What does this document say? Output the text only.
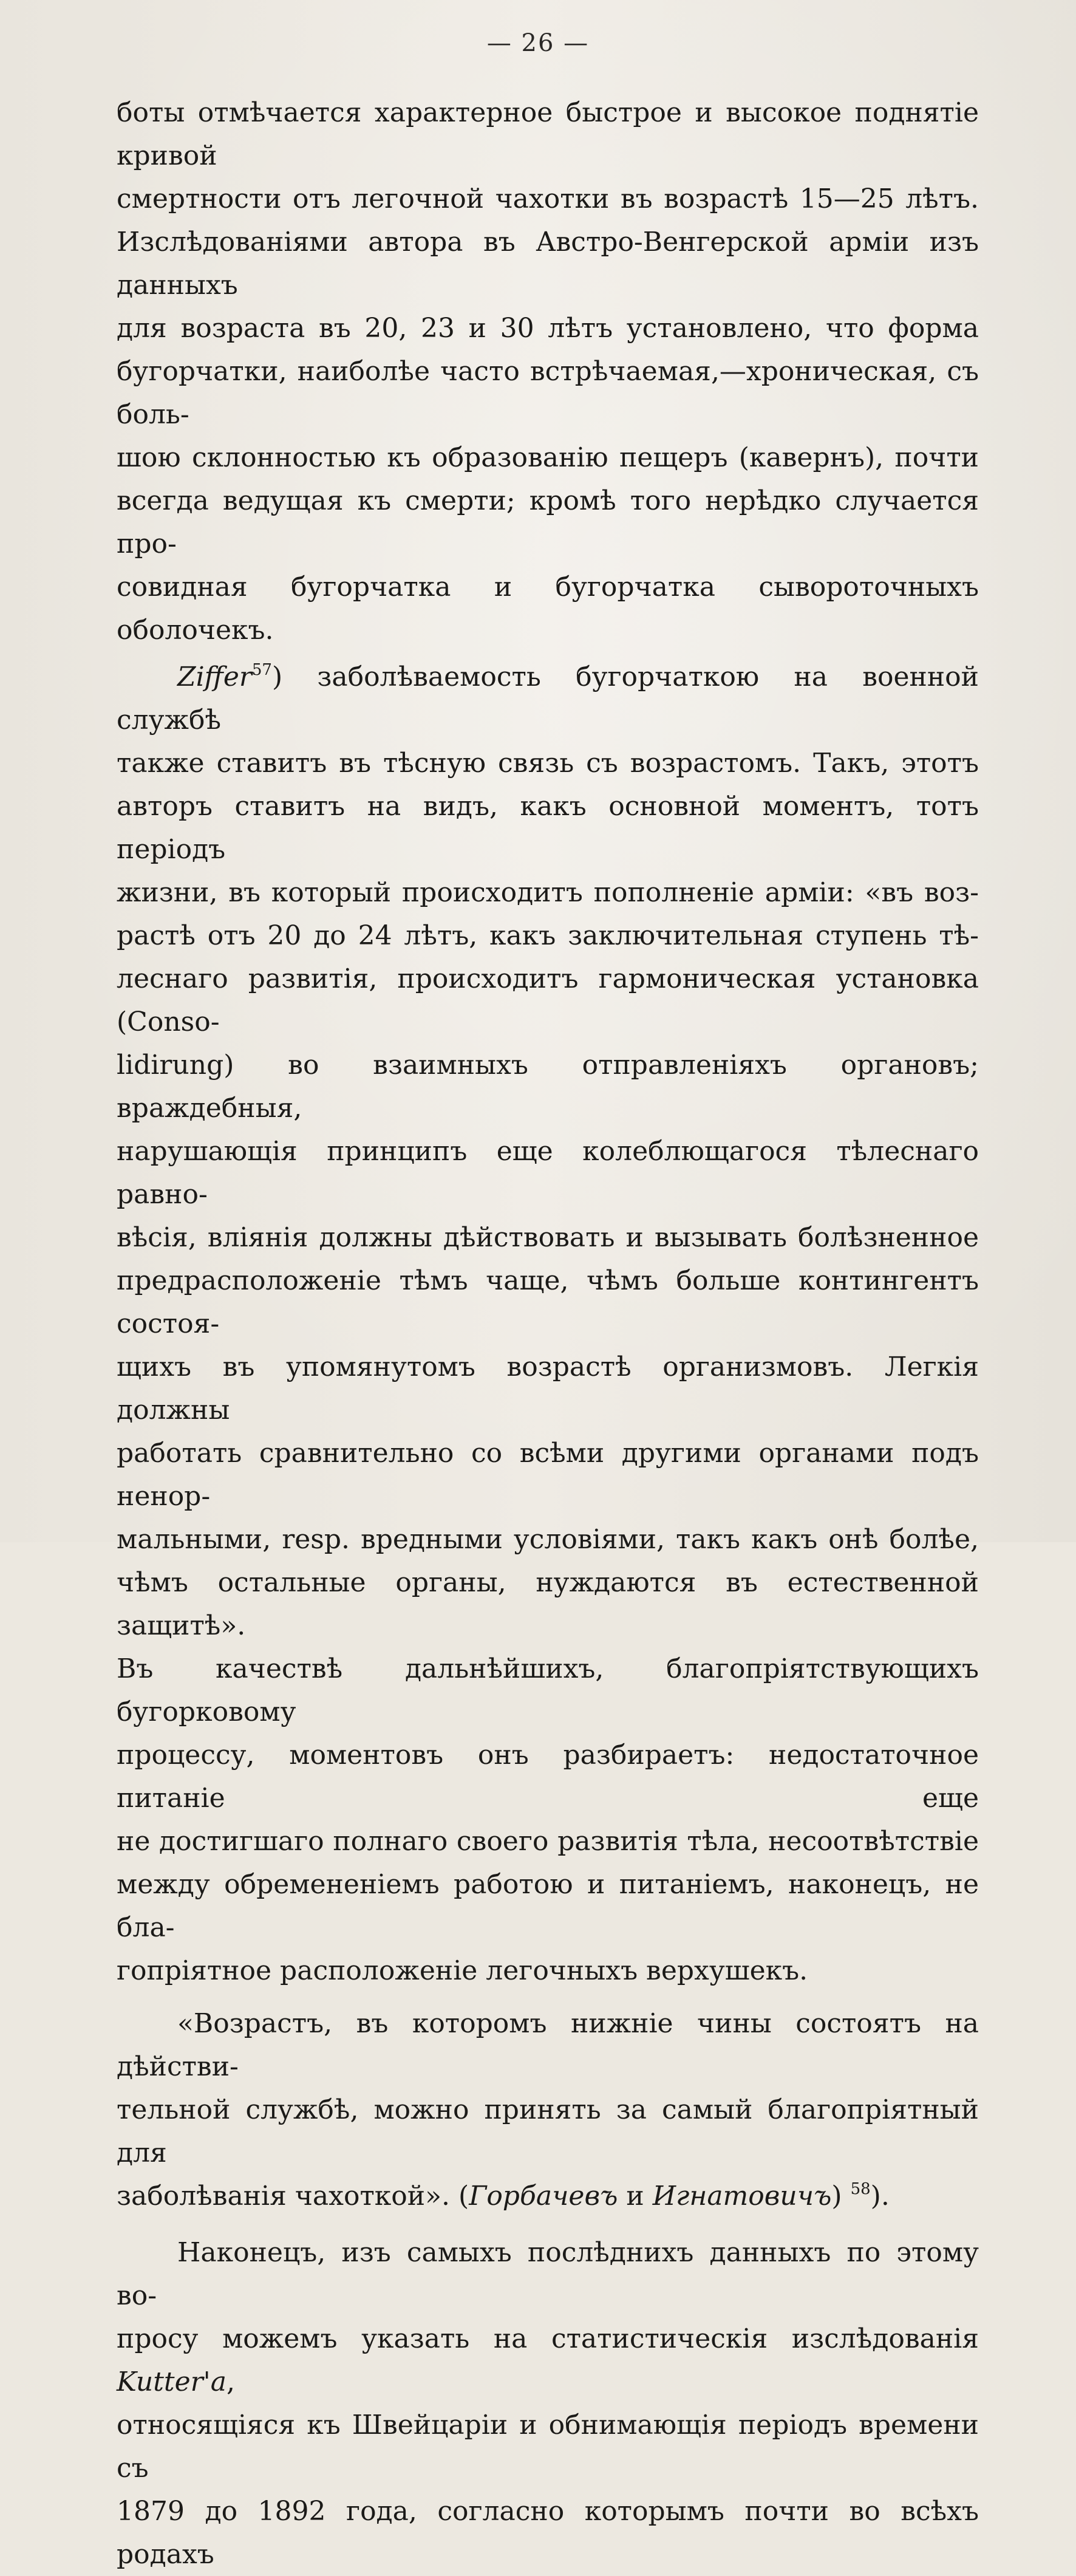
— 26 —

боты отмѣчается характерное быстрое и высокое поднятіе кривой

смертности отъ легочной чахотки въ возрастѣ 15—25 лѣтъ.

Изслѣдованіями автора въ Австро-Венгерской арміи изъ данныхъ

для возраста въ 20, 23 и 30 лѣтъ установлено, что форма

бугорчатки, наиболѣе часто встрѣчаемая,—хроническая, съ боль-

шою склонностью къ образованію пещеръ (кавернъ), почти

всегда ведущая къ смерти; кромѣ того нерѣдко случается про-

совидная бугорчатка и бугорчатка сывороточныхъ оболочекъ.

Ziffer$^{57}$) заболѣваемость бугорчаткою на военной службѣ

также ставитъ въ тѣсную связь съ возрастомъ. Такъ, этотъ

авторъ ставитъ на видъ, какъ основной моментъ, тотъ періодъ

жизни, въ который происходитъ пополненіе арміи: «въ воз-

растѣ отъ 20 до 24 лѣтъ, какъ заключительная ступень тѣ-

леснаго развитія, происходитъ гармоническая установка (Conso-

lidirung) во взаимныхъ отправленіяхъ органовъ; враждебныя,

нарушающія принципъ еще колеблющагося тѣлеснаго равно-

вѣсія, вліянія должны дѣйствовать и вызывать болѣзненное

предрасположеніе тѣмъ чаще, чѣмъ больше контингентъ состоя-

щихъ въ упомянутомъ возрастѣ организмовъ. Легкія должны

работать сравнительно со всѣми другими органами подъ ненор-

мальными, resp. вредными условіями, такъ какъ онѣ болѣе,

чѣмъ остальные органы, нуждаются въ естественной защитѣ».

Въ качествѣ дальнѣйшихъ, благопріятствующихъ бугорковому

процессу, моментовъ онъ разбираетъ: недостаточное питаніе еще

не достигшаго полнаго своего развитія тѣла, несоотвѣтствіе

между обремененіемъ работою и питаніемъ, наконецъ, не бла-

гопріятное расположеніе легочныхъ верхушекъ.

«Возрастъ, въ которомъ нижніе чины состоятъ на дѣйстви-

тельной службѣ, можно принять за самый благопріятный для

заболѣванія чахоткой». (Горбачевъ и Игнатовичъ) $^{58}$).

Наконецъ, изъ самыхъ послѣднихъ данныхъ по этому во-

просу можемъ указать на статистическія изслѣдованія Kutter'a,

относящіяся къ Швейцаріи и обнимающія періодъ времени съ

1879 до 1892 года, согласно которымъ почти во всѣхъ родахъ
